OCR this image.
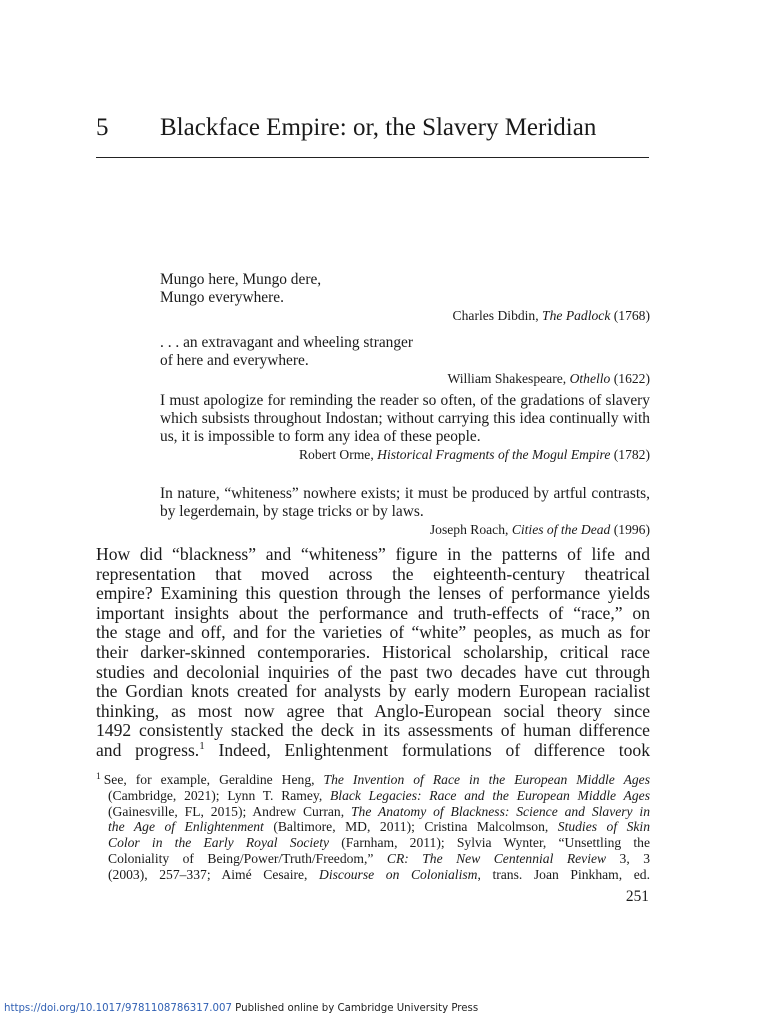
5 Blackface Empire: or, the Slavery Meridian
Mungo here, Mungo dere,
Mungo everywhere.
Charles Dibdin, The Padlock (1768)
. . . an extravagant and wheeling stranger
of here and everywhere.
William Shakespeare, Othello (1622)
I must apologize for reminding the reader so often, of the gradations of slavery which subsists throughout Indostan; without carrying this idea continually with us, it is impossible to form any idea of these people.
Robert Orme, Historical Fragments of the Mogul Empire (1782)
In nature, “whiteness” nowhere exists; it must be produced by artful contrasts, by legerdemain, by stage tricks or by laws.
Joseph Roach, Cities of the Dead (1996)
How did “blackness” and “whiteness” figure in the patterns of life and
representation that moved across the eighteenth-century theatrical
empire? Examining this question through the lenses of performance yields
important insights about the performance and truth-effects of “race,” on
the stage and off, and for the varieties of “white” peoples, as much as for
their darker-skinned contemporaries. Historical scholarship, critical race
studies and decolonial inquiries of the past two decades have cut through
the Gordian knots created for analysts by early modern European racialist
thinking, as most now agree that Anglo-European social theory since
1492 consistently stacked the deck in its assessments of human difference
and progress.$^1$ Indeed, Enlightenment formulations of difference took
$^1$ See, for example, Geraldine Heng, The Invention of Race in the European Middle Ages
(Cambridge, 2021); Lynn T. Ramey, Black Legacies: Race and the European Middle Ages
(Gainesville, FL, 2015); Andrew Curran, The Anatomy of Blackness: Science and Slavery in
the Age of Enlightenment (Baltimore, MD, 2011); Cristina Malcolmson, Studies of Skin
Color in the Early Royal Society (Farnham, 2011); Sylvia Wynter, “Unsettling the
Coloniality of Being/Power/Truth/Freedom,” CR: The New Centennial Review 3, 3
(2003), 257–337; Aimé Cesaire, Discourse on Colonialism, trans. Joan Pinkham, ed.
251
https://doi.org/10.1017/9781108786317.007 Published online by Cambridge University Press
